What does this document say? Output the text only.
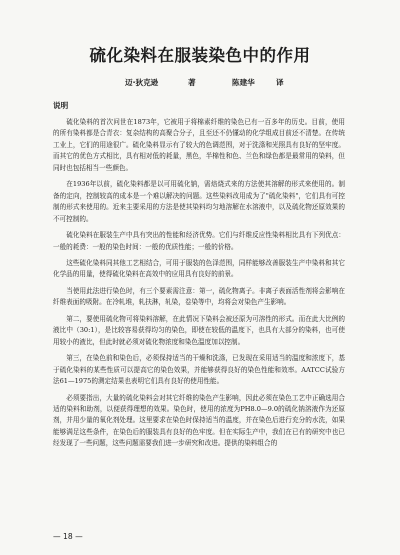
硫化染料在服装染色中的作用
迈·狄克逊	著	陈建华	译
说明

硫化染料的首次问世在1873年，它被用于将棉素纤维的染色已有一百多年的历史。目前，使用的所有染料都是合青衣：复杂结构的高聚合分子，且至还不仍懂动的化学组成目前还不清楚。在传统工业上，它们的用途很广。硫化染料显示有了较大的色调范围，对于洗涤和光照具有良好的坚牢度。而其它的优色方式相比，具有相对低的耗量，黑色，半棉性和色、兰色和绿色都是最常用的染料，但同时也包括相当一些颜色。

在1936年以前，硫化染料都是以可用硫化钠，需焙烧式来的方法使其溶解的形式来使用的。制备的定向，控制较高的成本是一个难以解决的问题。这些染料改用成为了"硫化染料"，它们具有可控制的形式来使用的。近来主要采用的方法是使其染料均匀地溶解在水溶液中，以及硫化物还原效果的不可控制的。

硫化染料在服装生产中具有突出的性能和经济优势。它们与纤维反应性染料相比具有下列优点：一般的耗费：一般的染色时间：一般的优质性能；一般的价格。

这些硫化染料同其他工艺相结合，可用于服装的色泽范围，同样能够改善服装生产中染料和其它化学品的用量，使得硫化染料在高效中的应用具有良好的前景。

当使用此法进行染色时，有三个要素需注意：第一，硫化物离子。非离子表面活性剂将会影响在纤维表面的吸附。在冷轧堆，轧扶淋，轧染，卷染等中，均将会对染色产生影响。

第二，要使用硫化物可将染料溶解，在此情况下染料会被还原为可溶性的形式。而在此大比例的液比中（30:1），是比较容易获得均匀的染色，即使在较低的温度下，也具有大部分的染料，也可使用较小的液比，但此时就必须对硫化物浓度和染色温度加以控制。

第三，在染色前和染色后，必须保持适当的干燥和洗涤，已发现在采用适当的温度和浓度下，基于硫化染料的某些性质可以提高它的染色效果，并能够获得良好的染色性能和效率。AATCC试验方法61—1975的测定结果也表明它们具有良好的使用性能。

必须要指出，大量的硫化染料会对其它纤维的染色产生影响，因此必须在染色工艺中正确选用合适的染料和助剂，以便获得理想的效果。染色时，使用的浓度为PH8.0—9.0的硫化钠溶液作为还原剂，并用少量的氧化剂处理。这里要求在染色时保持适当的温度，并在染色后进行充分的水洗，如果能够满足这些条件，在染色后的服装具有良好的色牢度。但在实际生产中，我们在已有的研究中也已经发现了一些问题，这些问题需要我们进一步研究和改进。提供的染料组合的

— 18 —
